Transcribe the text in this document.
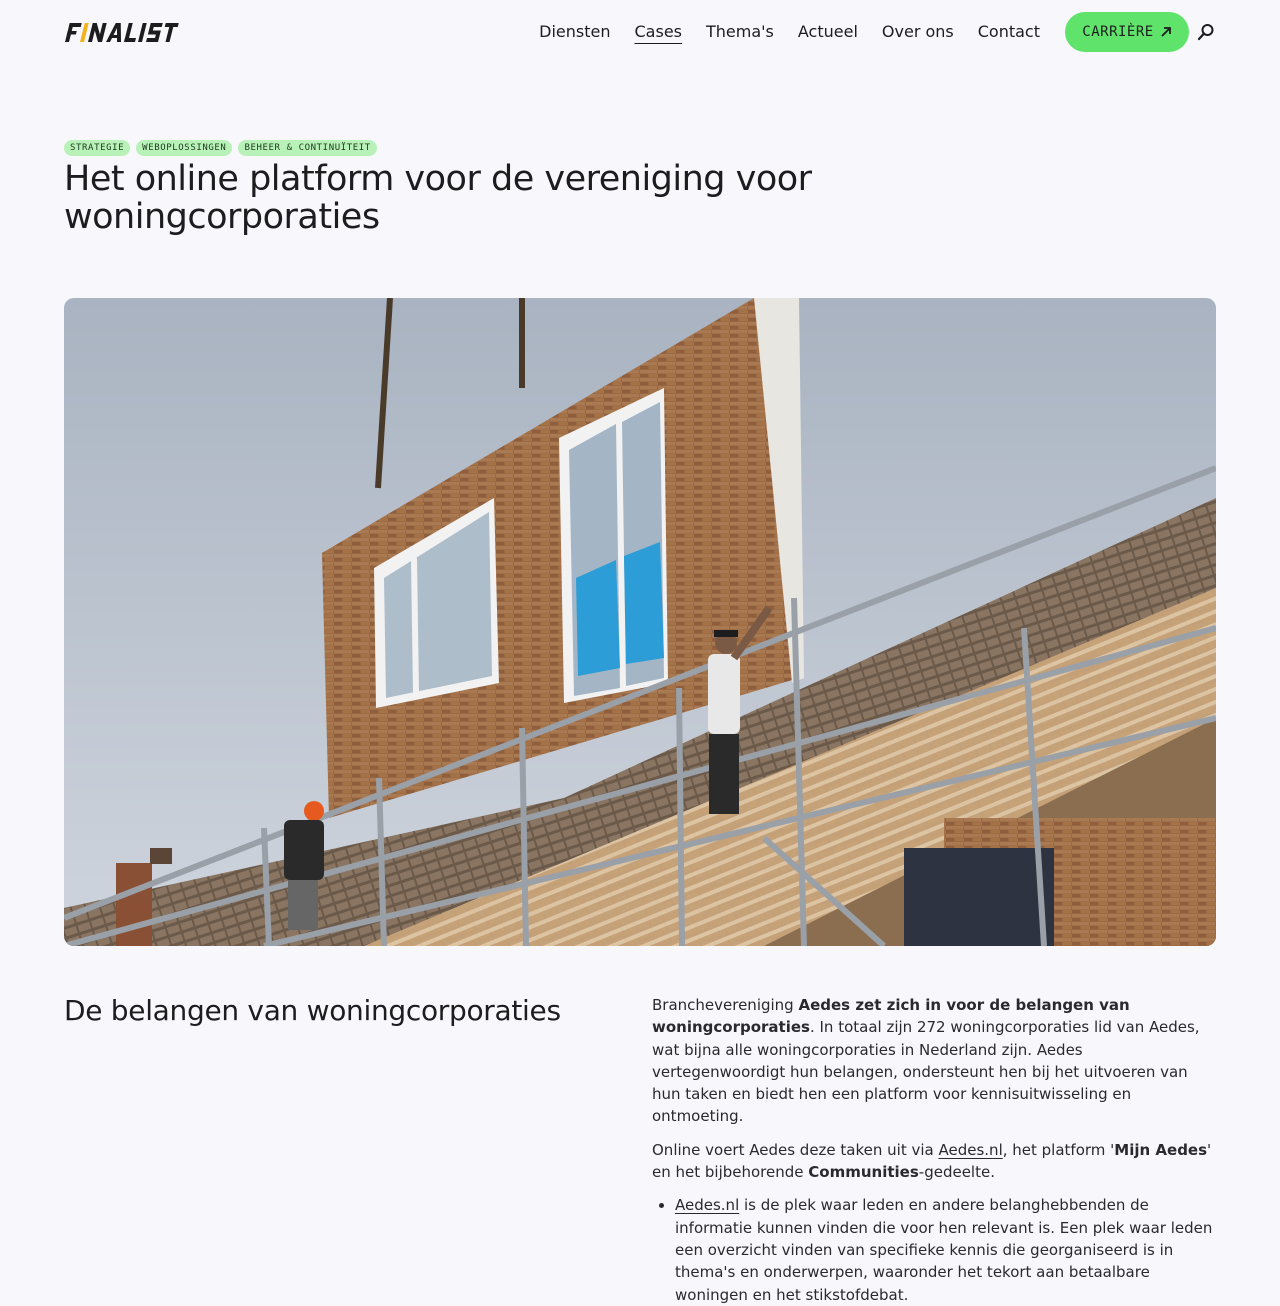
Diensten Cases Thema's Actueel Over ons Contact	CARRIÈRE
STRATEGIE	WEBOPLOSSINGEN	BEHEER & CONTINUÏTEIT
Het online platform voor de vereniging voor woningcorporaties
De belangen van woningcorporaties	Branchevereniging Aedes zet zich in voor de belangen van woningcorporaties. In totaal zijn 272 woningcorporaties lid van Aedes, wat bijna alle woningcorporaties in Nederland zijn. Aedes vertegenwoordigt hun belangen, ondersteunt hen bij het uitvoeren van hun taken en biedt hen een platform voor kennisuitwisseling en ontmoeting.

Online voert Aedes deze taken uit via Aedes.nl, het platform 'Mijn Aedes' en het bijbehorende Communities-gedeelte.

• Aedes.nl is de plek waar leden en andere belanghebbenden de informatie kunnen vinden die voor hen relevant is. Een plek waar leden een overzicht vinden van specifieke kennis die georganiseerd is in thema's en onderwerpen, waaronder het tekort aan betaalbare woningen en het stikstofdebat.
